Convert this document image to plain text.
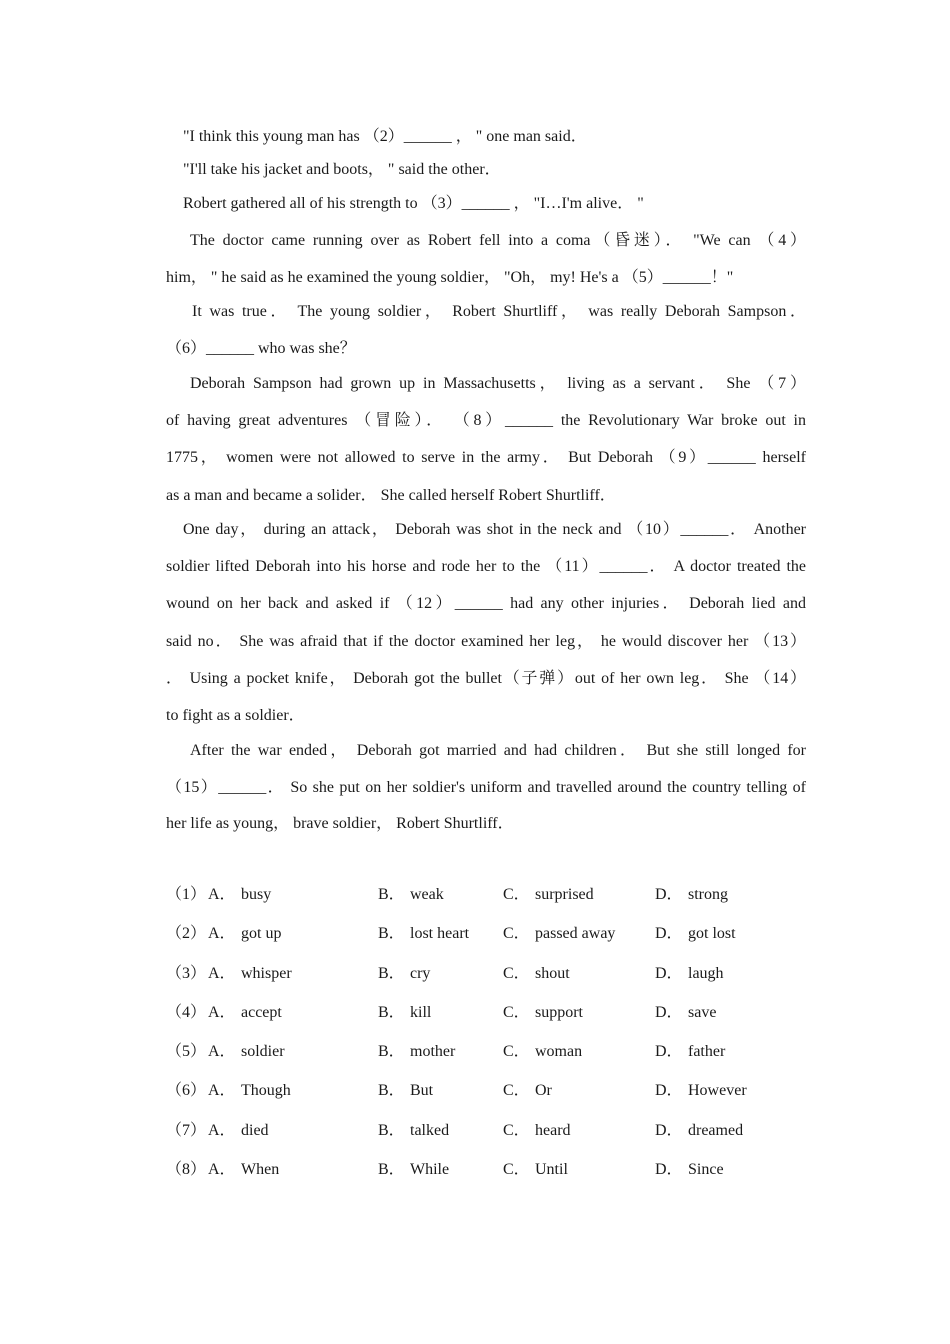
"I think this young man has （2）______ ， " one man said．
"I'll take his jacket and boots， " said the other．
Robert gathered all of his strength to （3）______ ， "I…I'm alive． "
The doctor came running over as Robert fell into a coma（昏迷）． "We can （4）
him， " he said as he examined the young soldier， "Oh， my! He's a （5）______！"
It was true． The young soldier， Robert Shurtliff， was really Deborah Sampson．
（6）______ who was she？
Deborah Sampson had grown up in Massachusetts， living as a servant． She （7）
of having great adventures （冒险）． （8）______ the Revolutionary War broke out in
1775， women were not allowed to serve in the army． But Deborah （9）______ herself
as a man and became a solider． She called herself Robert Shurtliff．
One day， during an attack， Deborah was shot in the neck and （10）______． Another
soldier lifted Deborah into his horse and rode her to the （11）______． A doctor treated the
wound on her back and asked if （12）______ had any other injuries． Deborah lied and
said no． She was afraid that if the doctor examined her leg， he would discover her （13）
． Using a pocket knife， Deborah got the bullet（子弹）out of her own leg． She （14）
to fight as a soldier．
After the war ended， Deborah got married and had children． But she still longed for
（15）______． So she put on her soldier's uniform and travelled around the country telling of
her life as young， brave soldier， Robert Shurtliff．
（1） A． busy	B． weak	C． surprised	D． strong
（2） A． got up	B． lost heart C． passed away D． got lost
（3） A． whisper	B． cry	C． shout	D． laugh
（4） A． accept	B． kill	C． support	D． save
（5） A． soldier	B． mother	C． woman	D． father
（6） A． Though	B． But	C． Or	D． However
（7） A． died	B． talked	C． heard	D． dreamed
（8） A． When	B． While	C． Until	D． Since
